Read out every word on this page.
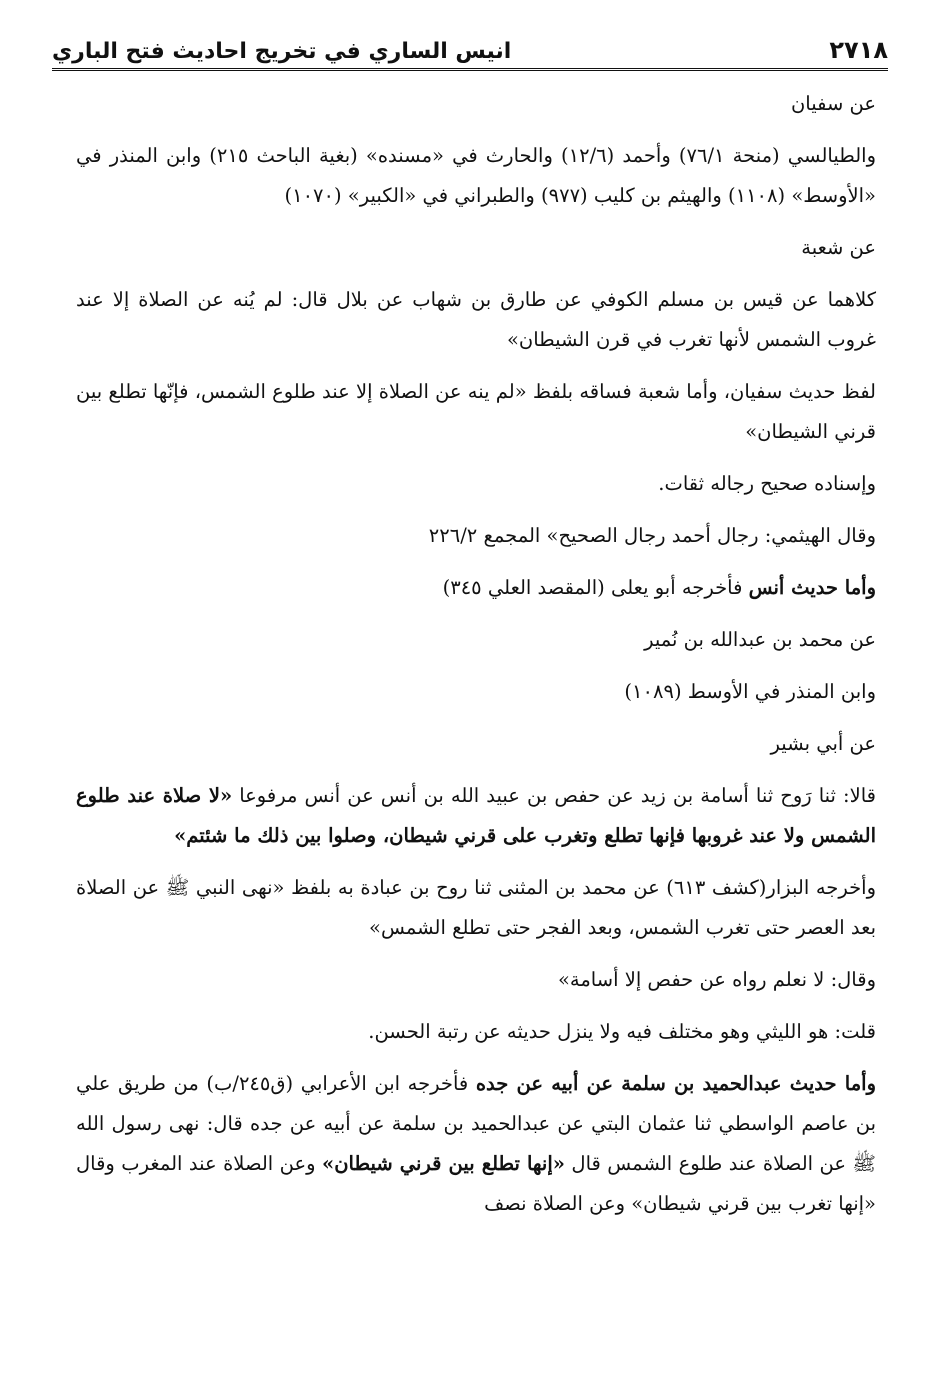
انيس الساري في تخريج احاديث فتح الباري	٢٧١٨

عن سفيان

والطيالسي (منحة ٧٦/١) وأحمد (١٢/٦) والحارث في «مسنده» (بغية الباحث ٢١٥) وابن المنذر في «الأوسط» (١١٠٨) والهيثم بن كليب (٩٧٧) والطبراني في «الكبير» (١٠٧٠)

عن شعبة

كلاهما عن قيس بن مسلم الكوفي عن طارق بن شهاب عن بلال قال: لم يُنه عن الصلاة إلا عند غروب الشمس لأنها تغرب في قرن الشيطان»

لفظ حديث سفيان، وأما شعبة فساقه بلفظ «لم ينه عن الصلاة إلا عند طلوع الشمس، فإنّها تطلع بين قرني الشيطان»

وإسناده صحيح رجاله ثقات.

وقال الهيثمي: رجال أحمد رجال الصحيح» المجمع ٢٢٦/٢

وأما حديث أنس فأخرجه أبو يعلى (المقصد العلي ٣٤٥)

عن محمد بن عبدالله بن نُمير

وابن المنذر في الأوسط (١٠٨٩)

عن أبي بشير

قالا: ثنا رَوح ثنا أسامة بن زيد عن حفص بن عبيد الله بن أنس عن أنس مرفوعا «لا صلاة عند طلوع الشمس ولا عند غروبها فإنها تطلع وتغرب على قرني شيطان، وصلوا بين ذلك ما شئتم»

وأخرجه البزار(كشف ٦١٣) عن محمد بن المثنى ثنا روح بن عبادة به بلفظ «نهى النبي ﷺ عن الصلاة بعد العصر حتى تغرب الشمس، وبعد الفجر حتى تطلع الشمس»

وقال: لا نعلم رواه عن حفص إلا أسامة»

قلت: هو الليثي وهو مختلف فيه ولا ينزل حديثه عن رتبة الحسن.

وأما حديث عبدالحميد بن سلمة عن أبيه عن جده فأخرجه ابن الأعرابي (ق٢٤٥/ب) من طريق علي بن عاصم الواسطي ثنا عثمان البتي عن عبدالحميد بن سلمة عن أبيه عن جده قال: نهى رسول الله ﷺ عن الصلاة عند طلوع الشمس قال «إنها تطلع بين قرني شيطان» وعن الصلاة عند المغرب وقال «إنها تغرب بين قرني شيطان» وعن الصلاة نصف
